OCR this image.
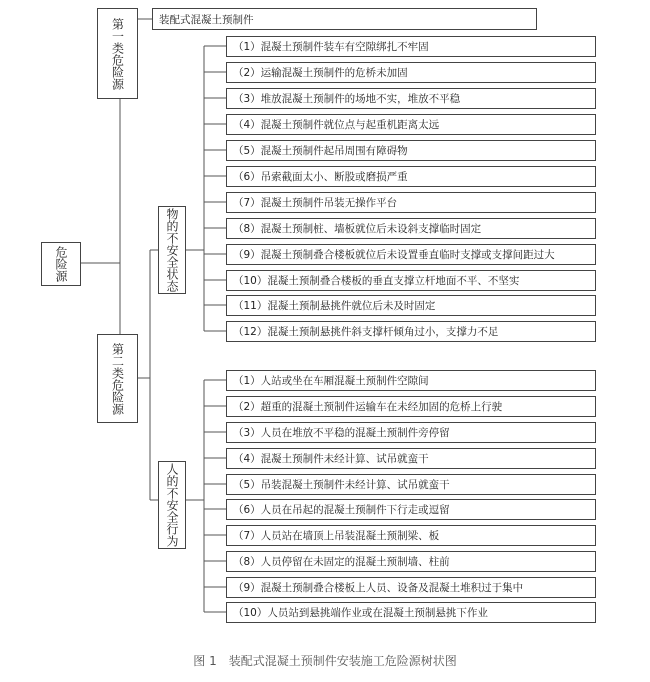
危险源
第一类危险源	装配式混凝土预制件
第二类危险源
物的不安全状态
人的不安全行为
（1）混凝土预制件装车有空隙绑扎不牢固
（2）运输混凝土预制件的危桥未加固
（3）堆放混凝土预制件的场地不实，堆放不平稳
（4）混凝土预制件就位点与起重机距离太远
（5）混凝土预制件起吊周围有障碍物
（6）吊索截面太小、断股或磨损严重
（7）混凝土预制件吊装无操作平台
（8）混凝土预制桩、墙板就位后未设斜支撑临时固定
（9）混凝土预制叠合楼板就位后未设置垂直临时支撑或支撑间距过大
（10）混凝土预制叠合楼板的垂直支撑立杆地面不平、不坚实
（11）混凝土预制悬挑件就位后未及时固定
（12）混凝土预制悬挑件斜支撑杆倾角过小，支撑力不足
（1）人站或坐在车厢混凝土预制件空隙间
（2）超重的混凝土预制件运输车在未经加固的危桥上行驶
（3）人员在堆放不平稳的混凝土预制件旁停留
（4）混凝土预制件未经计算、试吊就蛮干
（5）吊装混凝土预制件未经计算、试吊就蛮干
（6）人员在吊起的混凝土预制件下行走或逗留
（7）人员站在墙顶上吊装混凝土预制梁、板
（8）人员停留在未固定的混凝土预制墙、柱前
（9）混凝土预制叠合楼板上人员、设备及混凝土堆积过于集中
（10）人员站到悬挑端作业或在混凝土预制悬挑下作业
图 1　装配式混凝土预制件安装施工危险源树状图
